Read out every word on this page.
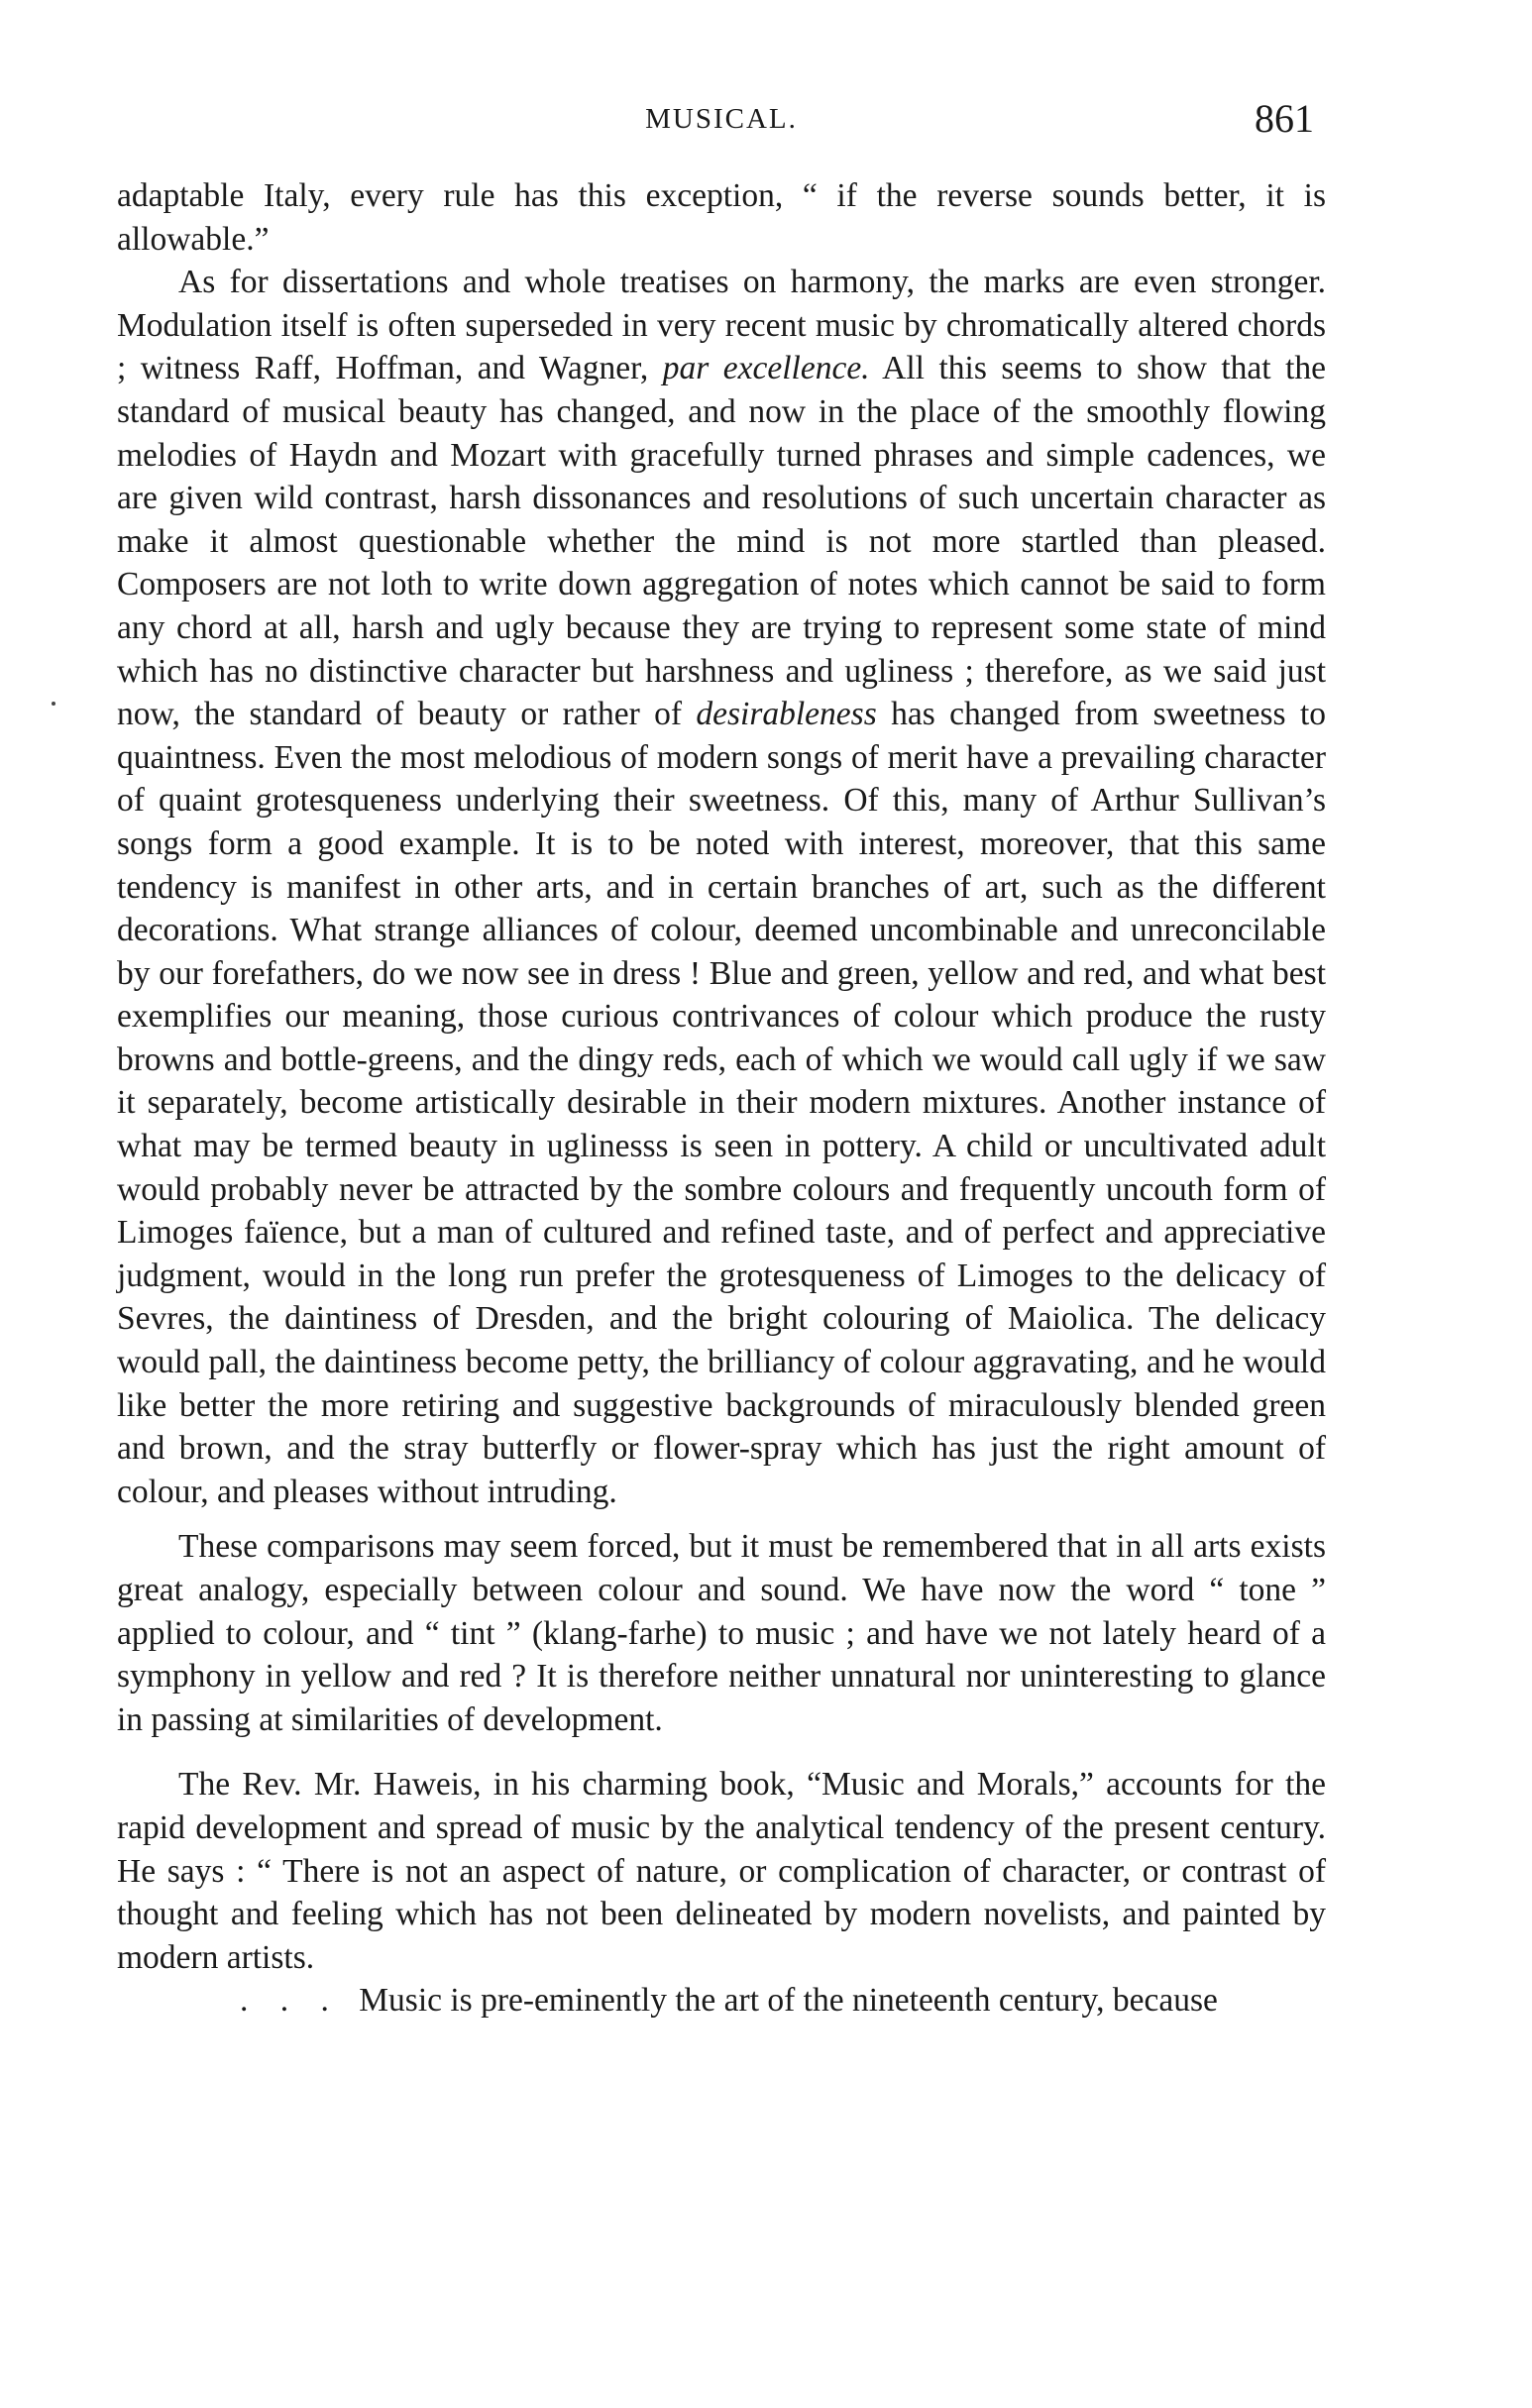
MUSICAL.	861

adaptable Italy, every rule has this exception, “ if the reverse sounds better, it is allowable.”

As for dissertations and whole treatises on harmony, the marks are even stronger. Modulation itself is often superseded in very recent music by chromatically altered chords ; witness Raff, Hoffman, and Wagner, par excellence. All this seems to show that the standard of musical beauty has changed, and now in the place of the smoothly flowing melodies of Haydn and Mozart with gracefully turned phrases and simple cadences, we are given wild contrast, harsh dissonances and resolutions of such uncertain character as make it almost questionable whether the mind is not more startled than pleased. Composers are not loth to write down aggregation of notes which cannot be said to form any chord at all, harsh and ugly because they are trying to represent some state of mind which has no distinctive character but harshness and ugliness ; therefore, as we said just now, the standard of beauty or rather of desirableness has changed from sweetness to quaintness. Even the most melodious of modern songs of merit have a prevailing character of quaint grotesqueness underlying their sweetness. Of this, many of Arthur Sullivan’s songs form a good example. It is to be noted with interest, moreover, that this same tendency is manifest in other arts, and in certain branches of art, such as the different decorations. What strange alliances of colour, deemed uncombinable and unreconcilable by our forefathers, do we now see in dress ! Blue and green, yellow and red, and what best exemplifies our meaning, those curious contrivances of colour which produce the rusty browns and bottle-greens, and the dingy reds, each of which we would call ugly if we saw it separately, become artistically desirable in their modern mixtures. Another instance of what may be termed beauty in uglinesss is seen in pottery. A child or uncultivated adult would probably never be attracted by the sombre colours and frequently uncouth form of Limoges faïence, but a man of cultured and refined taste, and of perfect and appreciative judgment, would in the long run prefer the grotesqueness of Limoges to the delicacy of Sevres, the daintiness of Dresden, and the bright colouring of Maiolica. The delicacy would pall, the daintiness become petty, the brilliancy of colour aggravating, and he would like better the more retiring and suggestive backgrounds of miraculously blended green and brown, and the stray butterfly or flower-spray which has just the right amount of colour, and pleases without intruding.

These comparisons may seem forced, but it must be remembered that in all arts exists great analogy, especially between colour and sound. We have now the word “ tone ” applied to colour, and “ tint ” (klang-farhe) to music ; and have we not lately heard of a symphony in yellow and red ? It is therefore neither unnatural nor uninteresting to glance in passing at similarities of development.

The Rev. Mr. Haweis, in his charming book, “Music and Morals,” accounts for the rapid development and spread of music by the analytical tendency of the present century. He says : “ There is not an aspect of nature, or complication of character, or contrast of thought and feeling which has not been delineated by modern novelists, and painted by modern artists.

. . . Music is pre-eminently the art of the nineteenth century, because
